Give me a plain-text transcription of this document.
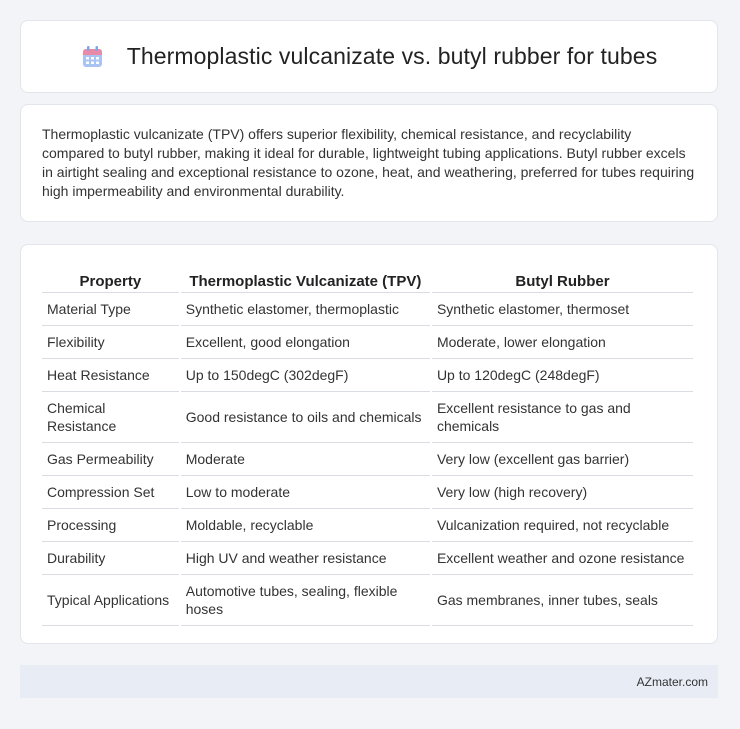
Thermoplastic vulcanizate vs. butyl rubber for tubes

Thermoplastic vulcanizate (TPV) offers superior flexibility, chemical resistance, and recyclability compared to butyl rubber, making it ideal for durable, lightweight tubing applications. Butyl rubber excels in airtight sealing and exceptional resistance to ozone, heat, and weathering, preferred for tubes requiring high impermeability and environmental durability.

Property	Thermoplastic Vulcanizate (TPV)	Butyl Rubber
Material Type	Synthetic elastomer, thermoplastic	Synthetic elastomer, thermoset
Flexibility	Excellent, good elongation	Moderate, lower elongation
Heat Resistance	Up to 150degC (302degF)	Up to 120degC (248degF)
Chemical Resistance	Good resistance to oils and chemicals	Excellent resistance to gas and chemicals
Gas Permeability	Moderate	Very low (excellent gas barrier)
Compression Set	Low to moderate	Very low (high recovery)
Processing	Moldable, recyclable	Vulcanization required, not recyclable
Durability	High UV and weather resistance	Excellent weather and ozone resistance
Typical Applications	Automotive tubes, sealing, flexible hoses	Gas membranes, inner tubes, seals
AZmater.com
